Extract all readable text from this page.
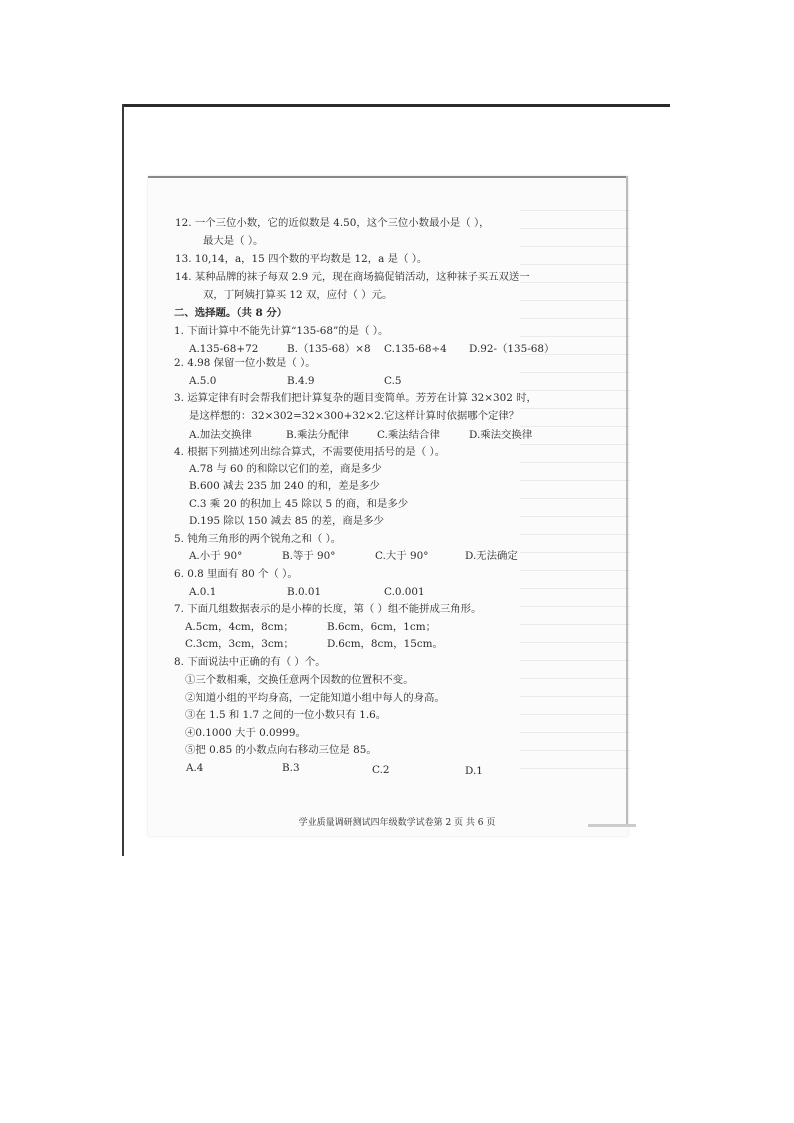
12. 一个三位小数，它的近似数是 4.50，这个三位小数最小是（ ），
最大是（ ）。
13. 10,14，a，15 四个数的平均数是 12，a 是（ ）。
14. 某种品牌的袜子每双 2.9 元，现在商场搞促销活动，这种袜子买五双送一
双，丁阿姨打算买 12 双，应付（ ）元。
二、选择题。（共 8 分）
1. 下面计算中不能先计算“135-68”的是（ ）。
A.135-68+72	B.（135-68）×8 C.135-68÷4 D.92-（135-68）
2. 4.98 保留一位小数是（ ）。
A.5.0	B.4.9	C.5
3. 运算定律有时会帮我们把计算复杂的题目变简单。芳芳在计算 32×302 时，
是这样想的：32×302=32×300+32×2.它这样计算时依据哪个定律？
A.加法交换律	B.乘法分配律	C.乘法结合律	D.乘法交换律
4. 根据下列描述列出综合算式，不需要使用括号的是（ ）。
A.78 与 60 的和除以它们的差，商是多少
B.600 减去 235 加 240 的和，差是多少
C.3 乘 20 的积加上 45 除以 5 的商，和是多少
D.195 除以 150 减去 85 的差，商是多少
5. 钝角三角形的两个锐角之和（ ）。
A.小于 90°	B.等于 90°	C.大于 90°	D.无法确定
6. 0.8 里面有 80 个（ ）。
A.0.1	B.0.01	C.0.001
7. 下面几组数据表示的是小棒的长度，第（ ）组不能拼成三角形。
A.5cm，4cm，8cm；	B.6cm，6cm，1cm；
C.3cm，3cm，3cm；	D.6cm，8cm，15cm。
8. 下面说法中正确的有（ ）个。
①三个数相乘，交换任意两个因数的位置积不变。
②知道小组的平均身高，一定能知道小组中每人的身高。
③在 1.5 和 1.7 之间的一位小数只有 1.6。
④0.1000 大于 0.0999。
⑤把 0.85 的小数点向右移动三位是 85。
A.4	B.3	C.2	D.1
学业质量调研测试四年级数学试卷第 2 页 共 6 页
